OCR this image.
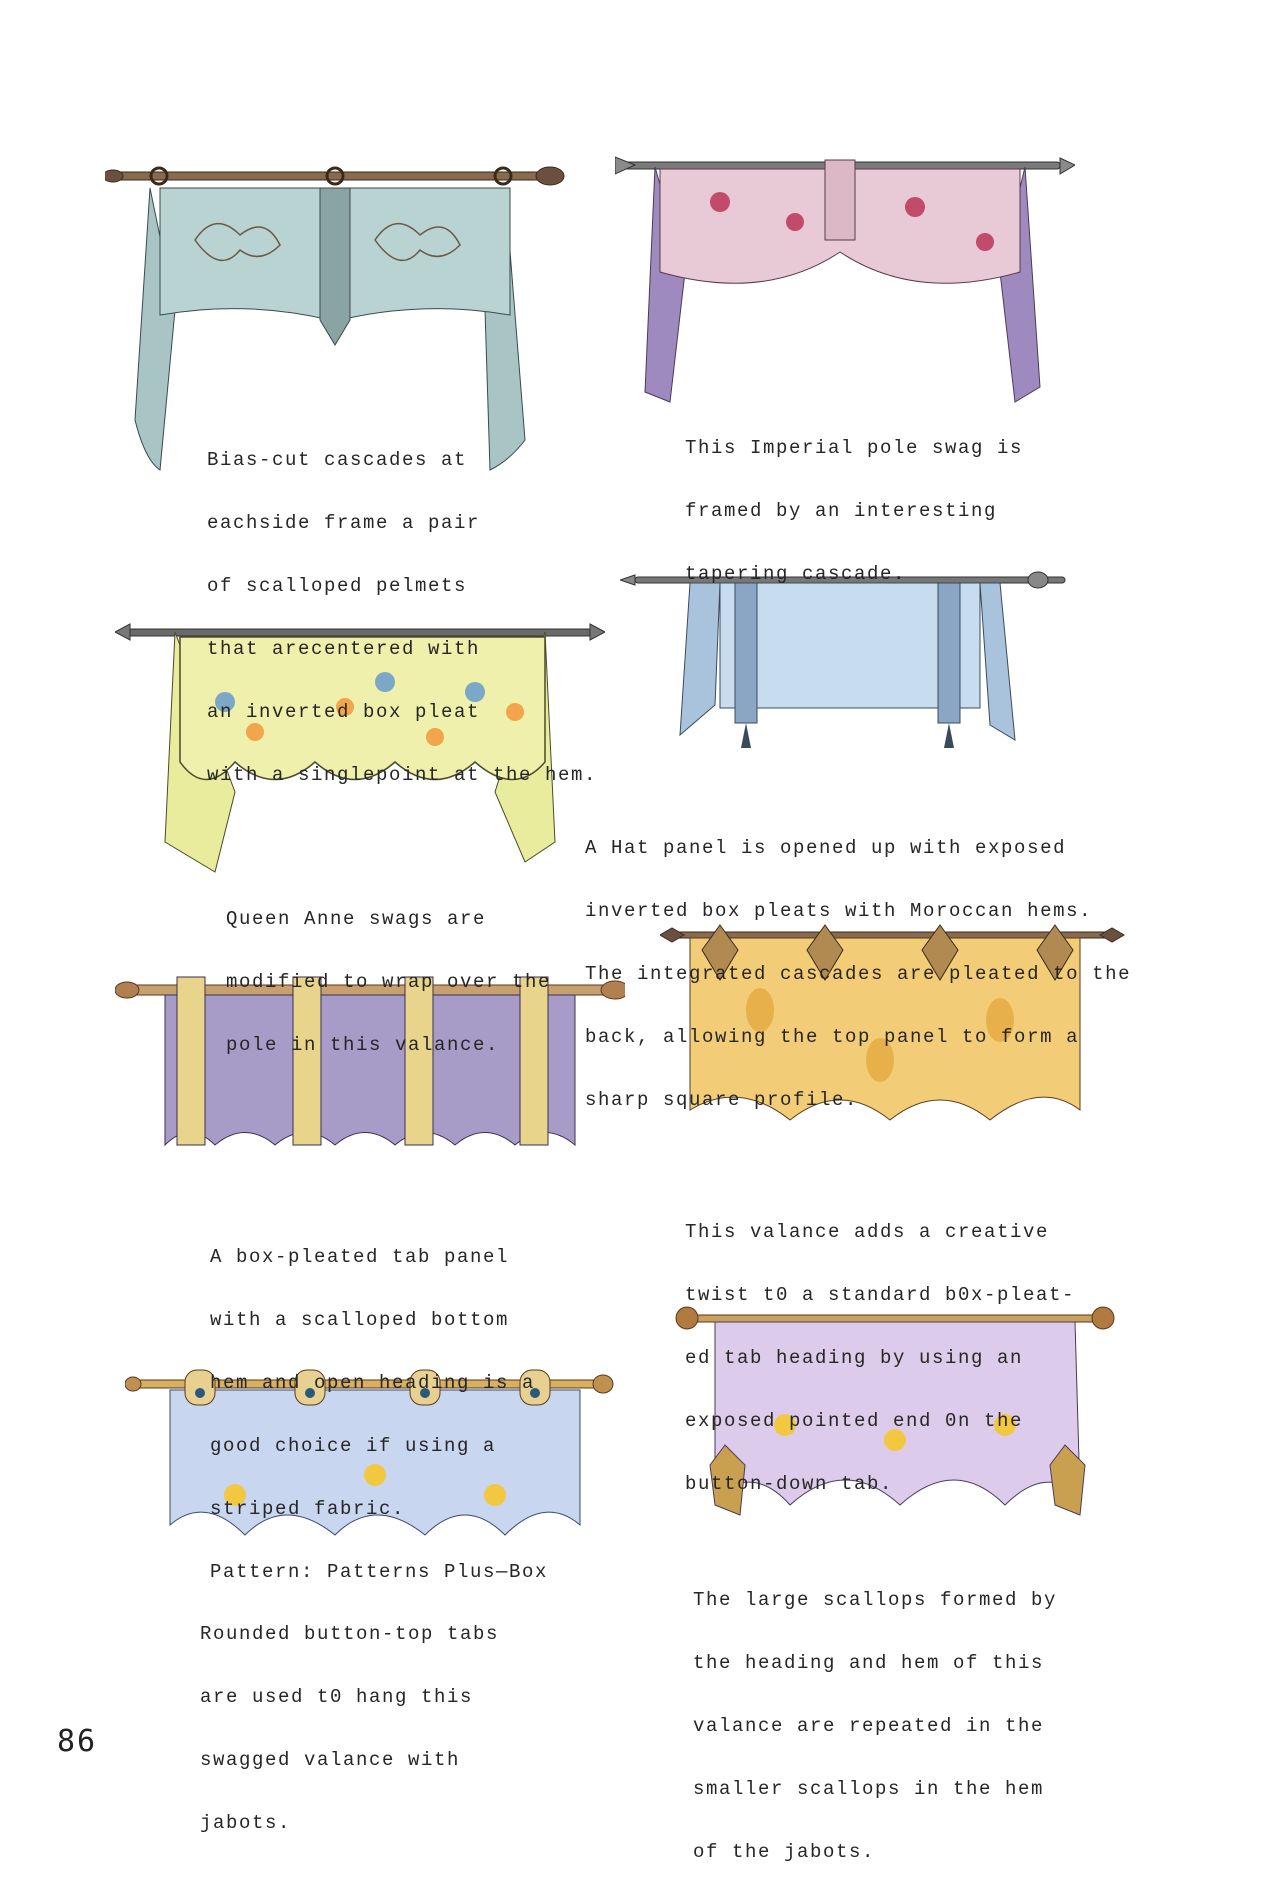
Bias-cut cascades at

eachside frame a pair

of scalloped pelmets

that arecentered with

an inverted box pleat

with a singlepoint at the hem.

This Imperial pole swag is

framed by an interesting

tapering cascade.

Queen Anne swags are

modified to wrap over the

pole in this valance.

A Hat panel is opened up with exposed

inverted box pleats with Moroccan hems.

The integrated cascades are pleated to the

back, allowing the top panel to form a

sharp square profile.

A box-pleated tab panel

with a scalloped bottom

hem and open heading is a

good choice if using a

striped fabric.

Pattern: Patterns Plus—Box

This valance adds a creative

twist t0 a standard b0x-pleat-

ed tab heading by using an

exposed pointed end 0n the

button-down tab.

Rounded button-top tabs

are used t0 hang this

swagged valance with

jabots.

The large scallops formed by

the heading and hem of this

valance are repeated in the

smaller scallops in the hem

of the jabots.

86
